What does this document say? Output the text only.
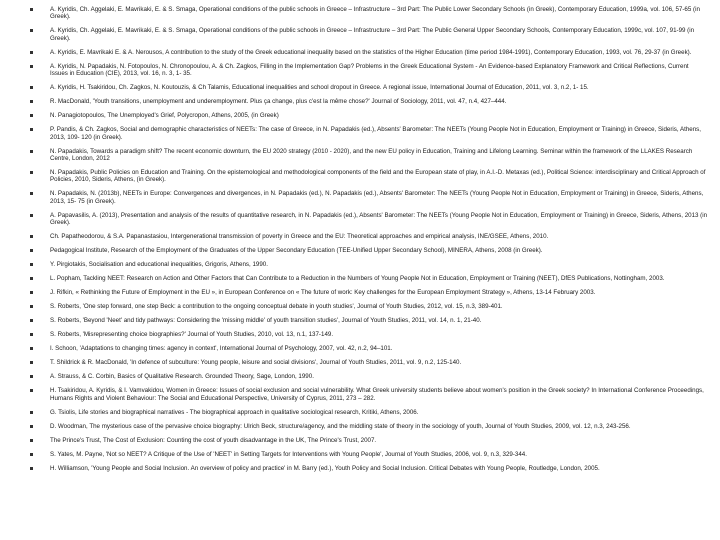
A. Kyridis, Ch. Aggelaki, E. Mavrikaki, E. & S. Smaga, Operational conditions of the public schools in Greece – Infrastructure – 3rd Part: The Public Lower Secondary Schools (in Greek), Contemporary Education, 1999a, vol. 106, 57-65 (in Greek).
A. Kyridis, Ch. Aggelaki, E. Mavrikaki, E. & S. Smaga, Operational conditions of the public schools in Greece – Infrastructure – 3rd Part: The Public General Upper Secondary Schools, Contemporary Education, 1999c, vol. 107, 91-99 (in Greek).
A. Kyridis, E. Mavrikaki E. & A. Nerousos, A contribution to the study of the Greek educational inequality based on the statistics of the Higher Education (time period 1984-1991), Contemporary Education, 1993, vol. 76, 29-37 (in Greek).
A. Kyridis, N. Papadakis, N. Fotopoulos, N. Chronopoulou, A. & Ch. Zagkos, Filling in the Implementation Gap? Problems in the Greek Educational System - An Evidence-based Explanatory Framework and Critical Reflections, Current Issues in Education (CIE), 2013, vol. 16, n. 3, 1- 35.
A. Kyridis, H. Tsakiridou, Ch. Zagkos, N. Koutouzis, & Ch Talamis, Educational inequalities and school dropout in Greece. A regional issue, International Journal of Education, 2011, vol. 3, n.2, 1- 15.
R. MacDonald, 'Youth transitions, unemployment and underemployment. Plus ça change, plus c'est la même chose?' Journal of Sociology, 2011, vol. 47, n.4, 427–444.
N. Panagiotopoulos, The Unemployed's Grief, Polycropon, Athens, 2005, (in Greek)
P. Pandis, & Ch. Zagkos, Social and demographic characteristics of NEETs: The case of Greece, in N. Papadakis (ed.), Absents' Barometer: The NEETs (Young People Not in Education, Employment or Training) in Greece, Sideris, Athens, 2013, 109- 120 (in Greek).
N. Papadakis, Towards a paradigm shift? The recent economic downturn, the EU 2020 strategy (2010 - 2020), and the new EU policy in Education, Training and Lifelong Learning. Seminar within the framework of the LLAKES Research Centre, London, 2012
N. Papadakis, Public Policies on Education and Training. On the epistemological and methodological components of the field and the European state of play, in A.I.-D. Metaxas (ed.), Political Science: interdisciplinary and Critical Approach of Policies, 2010, Sideris, Athens, (in Greek).
N. Papadakis, N. (2013b), NEETs in Europe: Convergences and divergences, in N. Papadakis (ed.), N. Papadakis (ed.), Absents' Barometer: The NEETs (Young People Not in Education, Employment or Training) in Greece, Sideris, Athens, 2013, 15- 75 (in Greek).
A. Papavasilis, A. (2013), Presentation and analysis of the results of quantitative research, in N. Papadakis (ed.), Absents' Barometer: The NEETs (Young People Not in Education, Employment or Training) in Greece, Sideris, Athens, 2013 (in Greek).
Ch. Papatheodorou, & S.A. Papanastasiou, Intergenerational transmission of poverty in Greece and the EU: Theoretical approaches and empirical analysis, INE/GSEE, Athens, 2010.
Pedagogical Institute, Research of the Employment of the Graduates of the Upper Secondary Education (TEE-Unified Upper Secondary School), MINERA, Athens, 2008 (in Greek).
Y. Pirgiotakis, Socialisation and educational inequalities, Grigoris, Athens, 1990.
L. Popham, Tackling NEET: Research on Action and Other Factors that Can Contribute to a Reduction in the Numbers of Young People Not in Education, Employment or Training (NEET), DfES Publications, Nottingham, 2003.
J. Rifkin, « Rethinking the Future of Employment in the EU », in European Conference on « The future of work: Key challenges for the European Employment Strategy », Athens, 13-14 February 2003.
S. Roberts, 'One step forward, one step Beck: a contribution to the ongoing conceptual debate in youth studies', Journal of Youth Studies, 2012, vol. 15, n.3, 389-401.
S. Roberts, 'Beyond 'Neet' and tidy pathways: Considering the 'missing middle' of youth transition studies', Journal of Youth Studies, 2011, vol. 14, n. 1, 21-40.
S. Roberts, 'Misrepresenting choice biographies?' Journal of Youth Studies, 2010, vol. 13, n.1, 137-149.
I. Schoon, 'Adaptations to changing times: agency in context', International Journal of Psychology, 2007, vol. 42, n.2, 94–101.
T. Shildrick & R. MacDonald, 'In defence of subculture: Young people, leisure and social divisions', Journal of Youth Studies, 2011, vol. 9, n.2, 125-140.
A. Strauss, & C. Corbin, Basics of Qualitative Research. Grounded Theory, Sage, London, 1990.
H. Tsakiridou, A. Kyridis, & I. Vamvakidou, Women in Greece: Issues of social exclusion and social vulnerability. What Greek university students believe about women's position in the Greek society? In International Conference Proceedings, Humans Rights and Violent Behaviour: The Social and Educational Perspective, University of Cyprus, 2011, 273 – 282.
G. Tsiolis, Life stories and biographical narratives - The biographical approach in qualitative sociological research, Kritiki, Athens, 2006.
D. Woodman, The mysterious case of the pervasive choice biography: Ulrich Beck, structure/agency, and the middling state of theory in the sociology of youth, Journal of Youth Studies, 2009, vol. 12, n.3, 243-256.
The Prince's Trust, The Cost of Exclusion: Counting the cost of youth disadvantage in the UK, The Prince's Trust, 2007.
S. Yates, M. Payne, 'Not so NEET? A Critique of the Use of 'NEET' in Setting Targets for Interventions with Young People', Journal of Youth Studies, 2006, vol. 9, n.3, 329-344.
H. Williamson, 'Young People and Social Inclusion. An overview of policy and practice' in M. Barry (ed.), Youth Policy and Social Inclusion. Critical Debates with Young People, Routledge, London, 2005.
